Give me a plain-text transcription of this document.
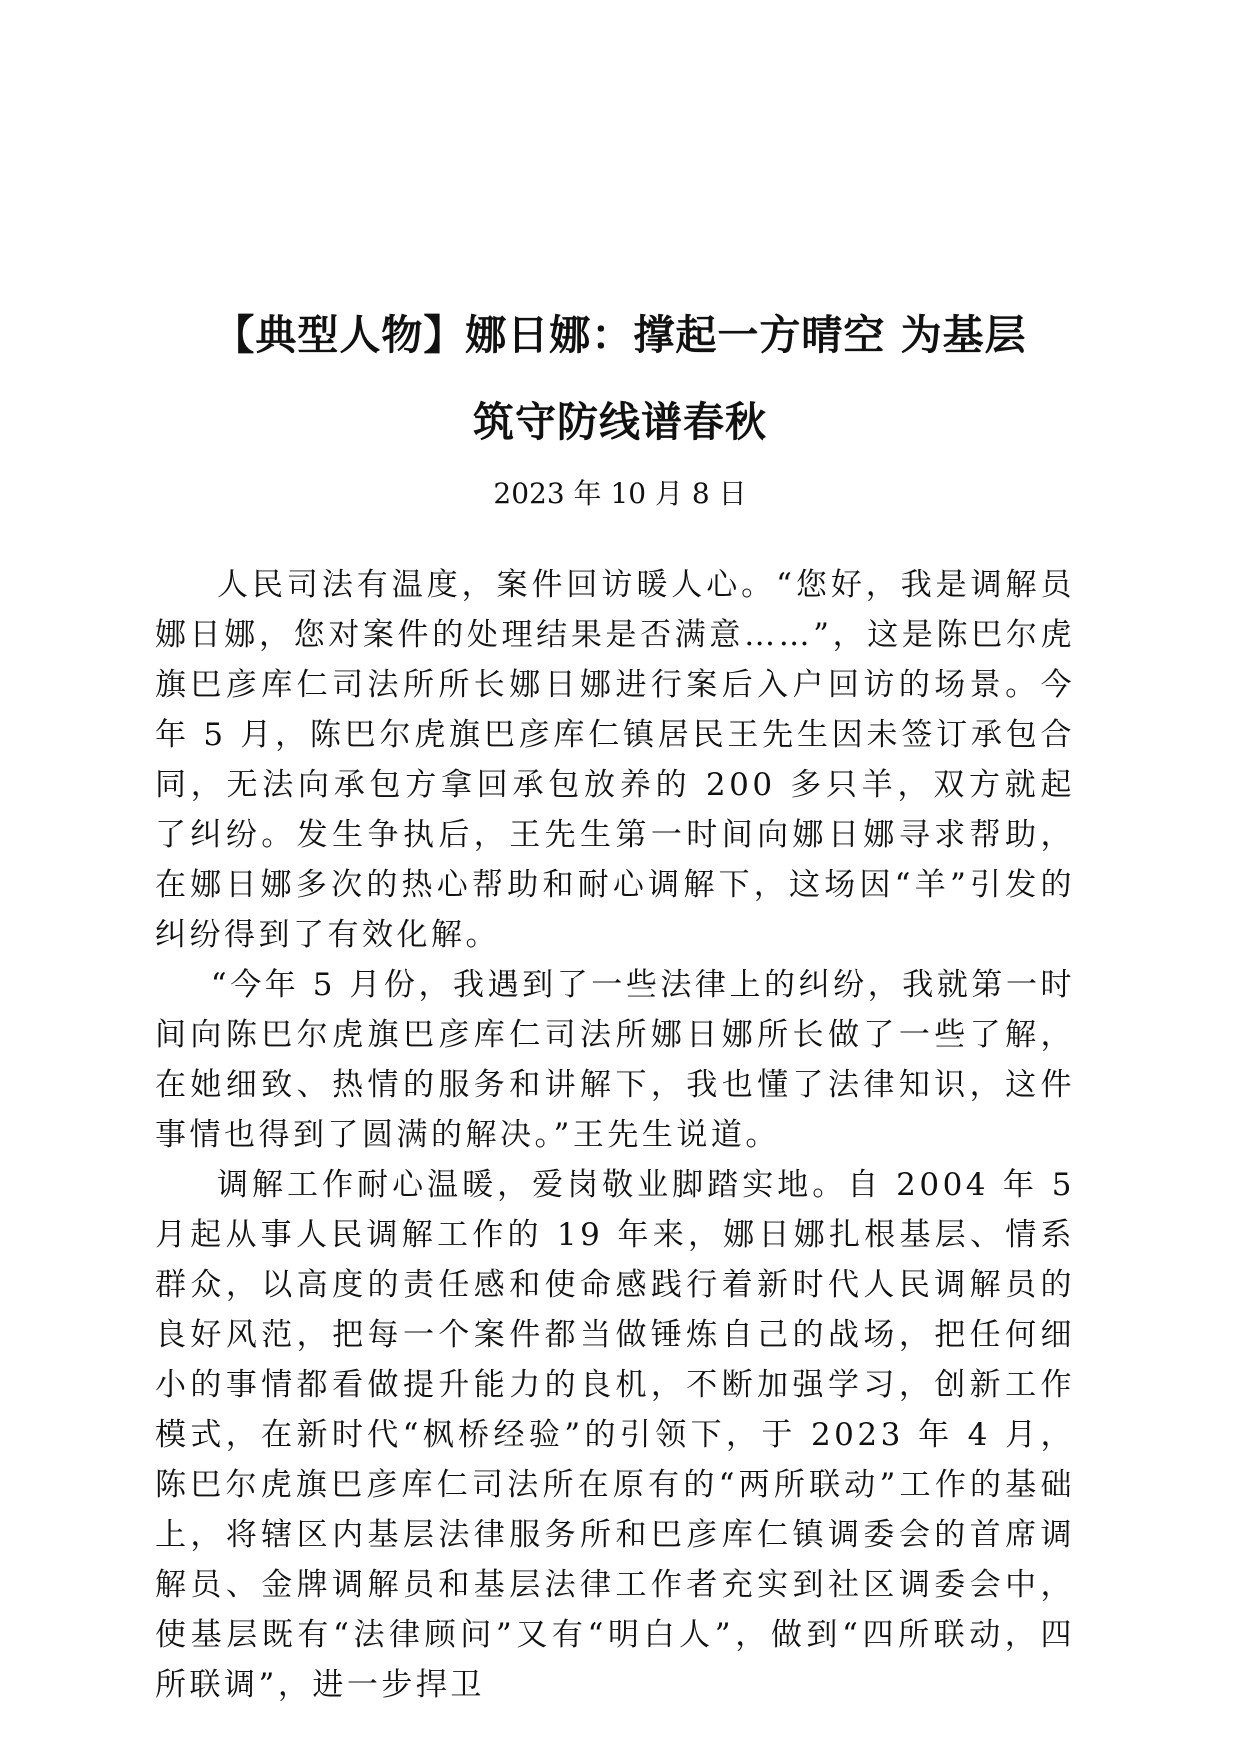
【典型人物】娜日娜：撑起一方晴空 为基层
筑守防线谱春秋
2023 年 10 月 8 日

人民司法有温度，案件回访暖人心。“您好，我是调解员娜日娜，您对案件的处理结果是否满意……”，这是陈巴尔虎旗巴彦库仁司法所所长娜日娜进行案后入户回访的场景。今年 5 月，陈巴尔虎旗巴彦库仁镇居民王先生因未签订承包合同，无法向承包方拿回承包放养的 200 多只羊，双方就起了纠纷。发生争执后，王先生第一时间向娜日娜寻求帮助，在娜日娜多次的热心帮助和耐心调解下，这场因“羊”引发的纠纷得到了有效化解。

“今年 5 月份，我遇到了一些法律上的纠纷，我就第一时间向陈巴尔虎旗巴彦库仁司法所娜日娜所长做了一些了解，在她细致、热情的服务和讲解下，我也懂了法律知识，这件事情也得到了圆满的解决。”王先生说道。

调解工作耐心温暖，爱岗敬业脚踏实地。自 2004 年 5 月起从事人民调解工作的 19 年来，娜日娜扎根基层、情系群众，以高度的责任感和使命感践行着新时代人民调解员的良好风范，把每一个案件都当做锤炼自己的战场，把任何细小的事情都看做提升能力的良机，不断加强学习，创新工作模式，在新时代“枫桥经验”的引领下，于 2023 年 4 月，陈巴尔虎旗巴彦库仁司法所在原有的“两所联动”工作的基础上，将辖区内基层法律服务所和巴彦库仁镇调委会的首席调解员、金牌调解员和基层法律工作者充实到社区调委会中，使基层既有“法律顾问”又有“明白人”，做到“四所联动，四所联调”，进一步捍卫
